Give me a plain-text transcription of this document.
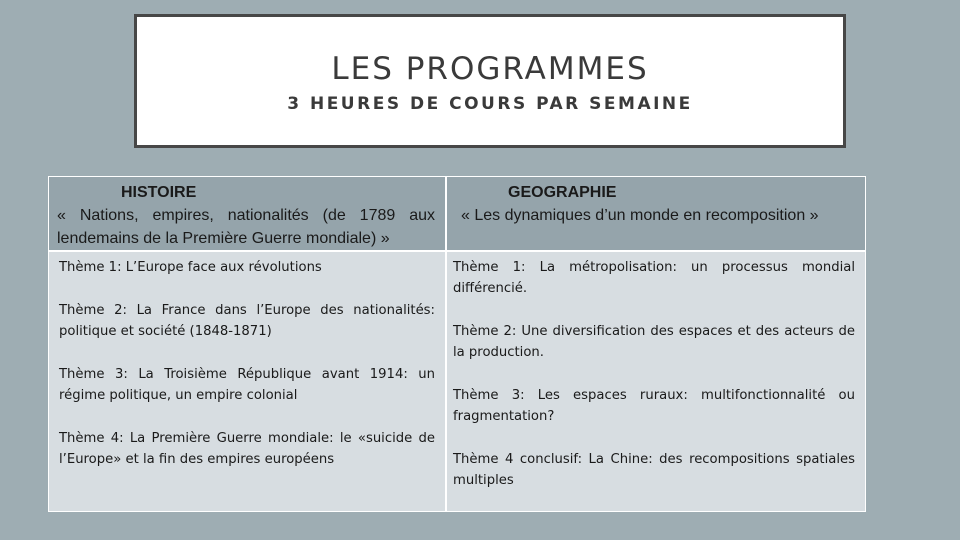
LES PROGRAMMES
3 HEURES DE COURS PAR SEMAINE
HISTOIRE
« Nations, empires, nationalités (de 1789 aux lendemains de la Première Guerre mondiale) »
GEOGRAPHIE
« Les dynamiques d’un monde en recomposition »

Thème 1: L’Europe face aux révolutions

Thème 2: La France dans l’Europe des nationalités: politique et société (1848-1871)

Thème 3: La Troisième République avant 1914: un régime politique, un empire colonial

Thème 4: La Première Guerre mondiale: le «suicide de l’Europe» et la fin des empires européens

Thème 1: La métropolisation: un processus mondial différencié.

Thème 2: Une diversification des espaces et des acteurs de la production.

Thème 3: Les espaces ruraux: multifonctionnalité ou fragmentation?

Thème 4 conclusif: La Chine: des recompositions spatiales multiples
